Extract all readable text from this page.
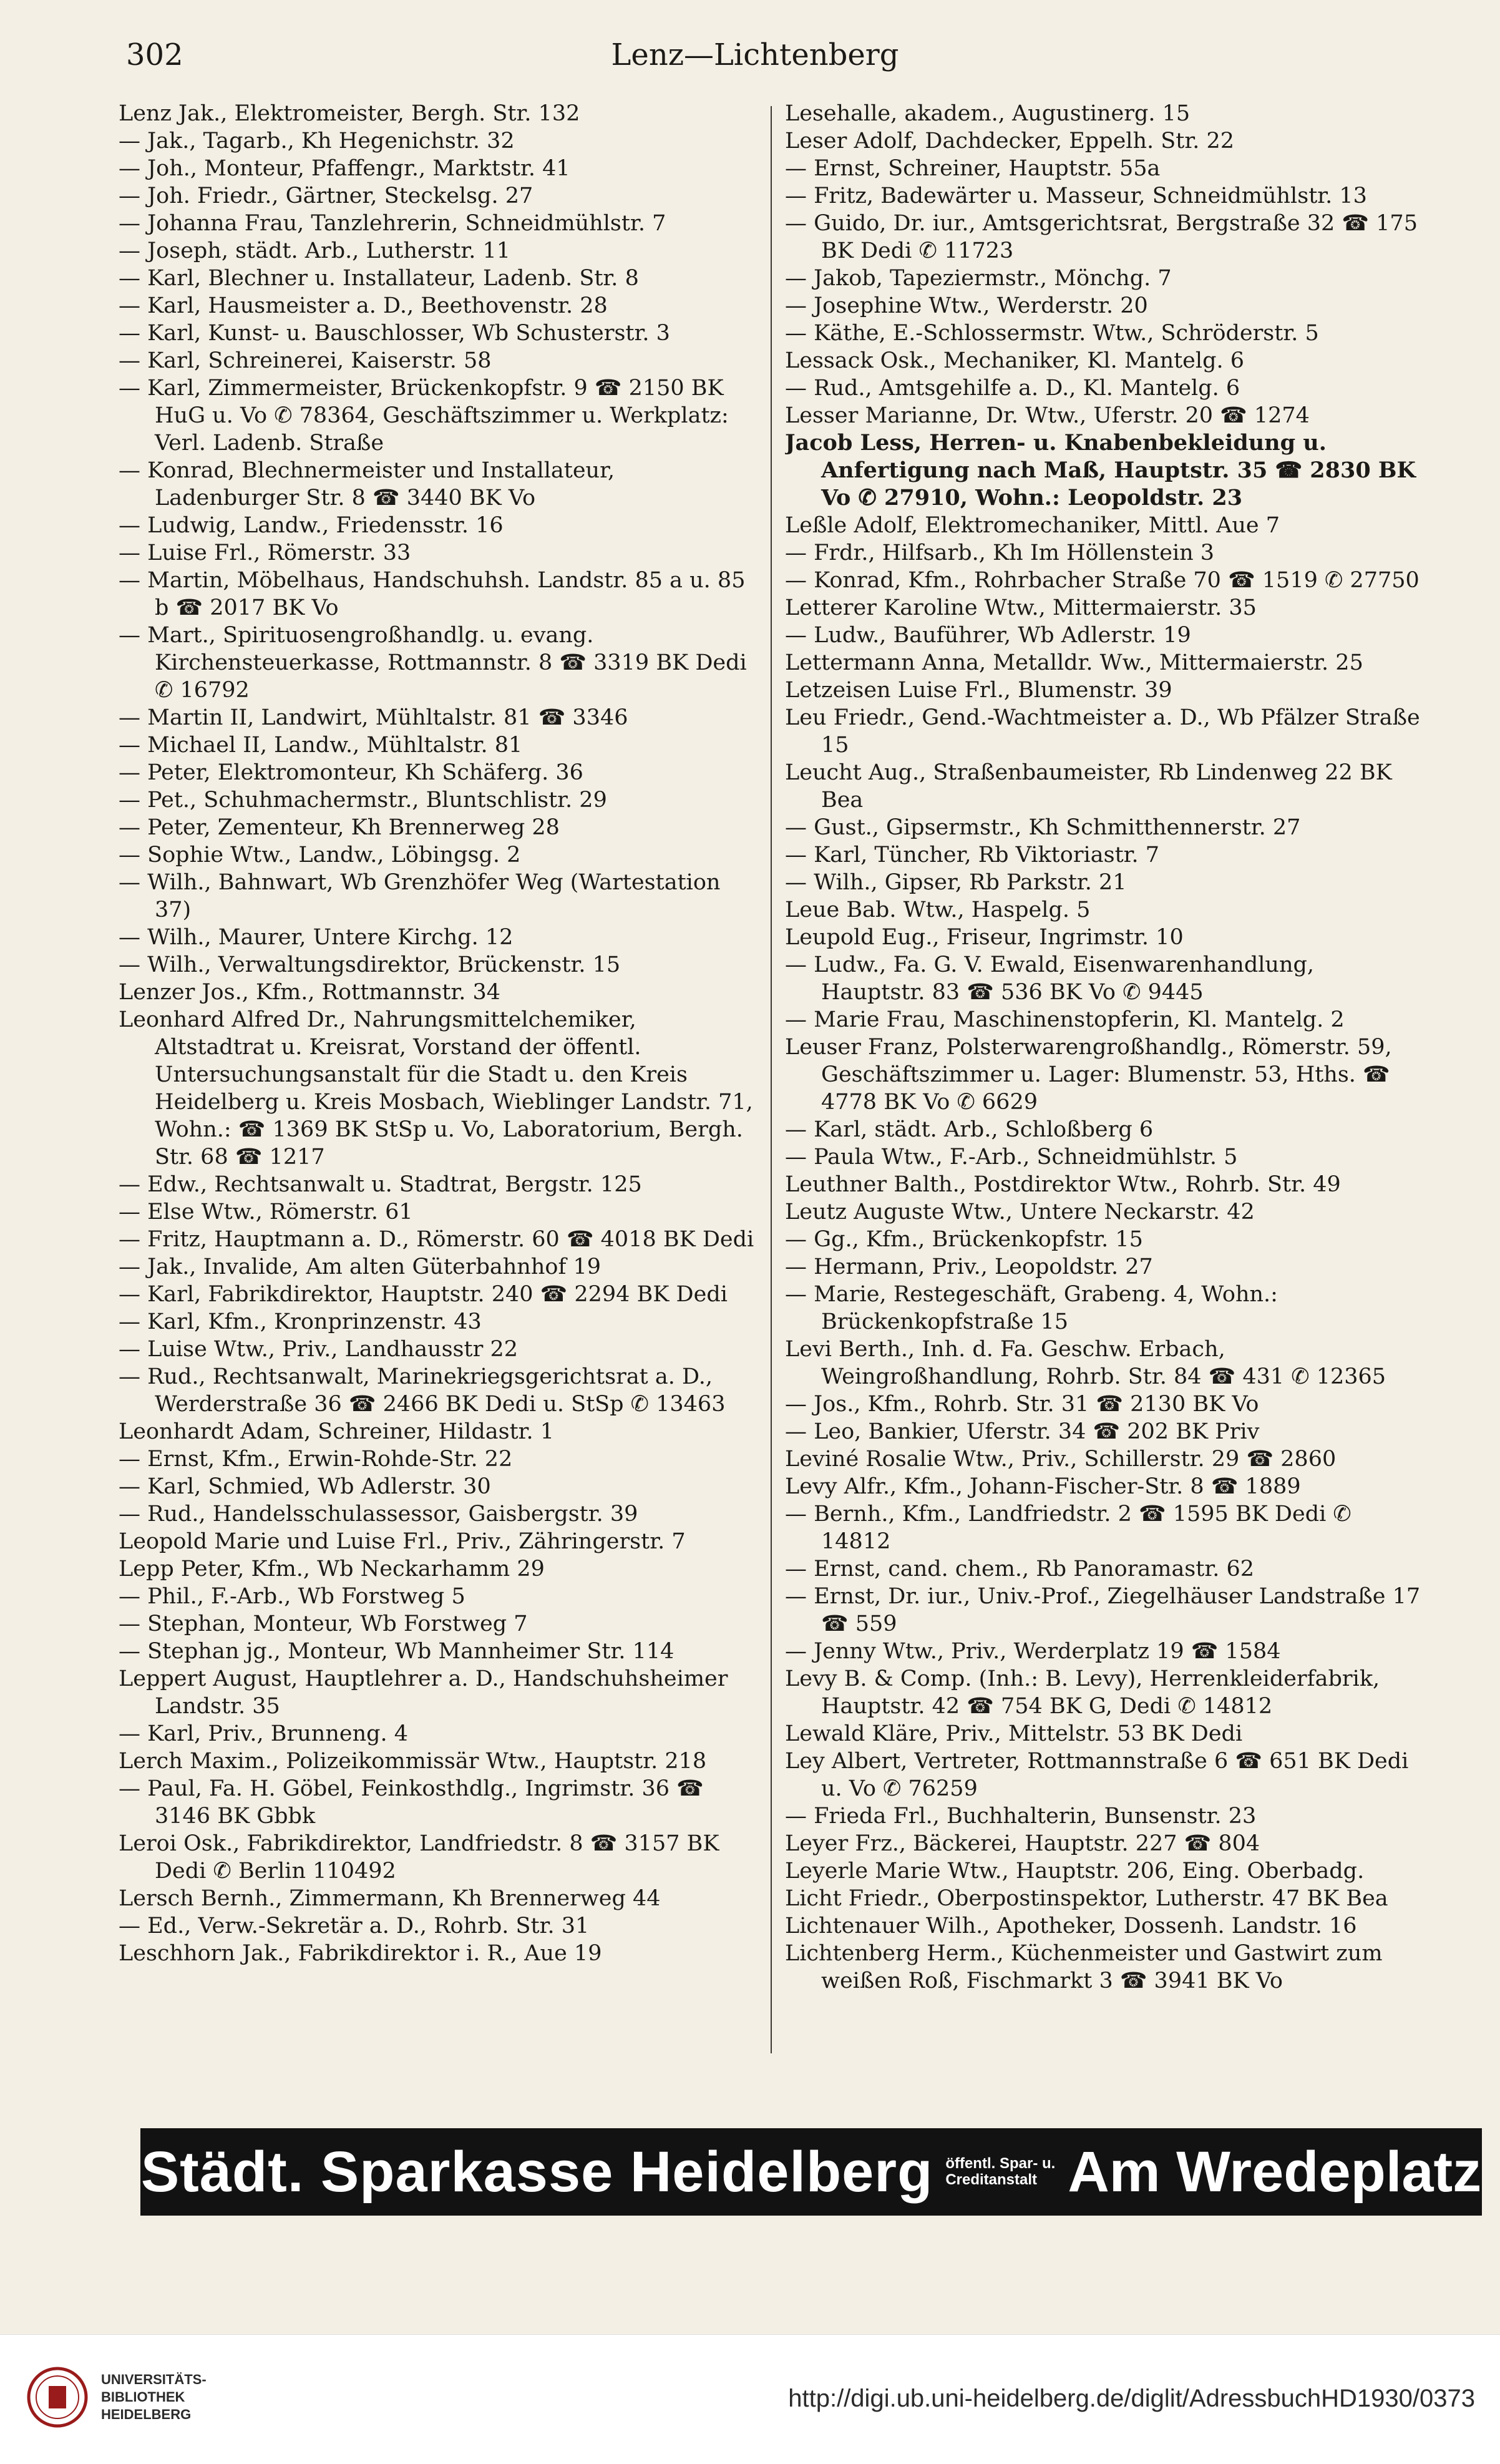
302	Lenz—Lichtenberg

Lenz Jak., Elektromeister, Bergh. Str. 132

— Jak., Tagarb., Kh Hegenichstr. 32

— Joh., Monteur, Pfaffengr., Marktstr. 41

— Joh. Friedr., Gärtner, Steckelsg. 27

— Johanna Frau, Tanzlehrerin, Schneidmühlstr. 7

— Joseph, städt. Arb., Lutherstr. 11

— Karl, Blechner u. Installateur, Ladenb. Str. 8

— Karl, Hausmeister a. D., Beethovenstr. 28

— Karl, Kunst- u. Bauschlosser, Wb Schusterstr. 3

— Karl, Schreinerei, Kaiserstr. 58

— Karl, Zimmermeister, Brückenkopfstr. 9 ☎ 2150 BK HuG u. Vo ✆ 78364, Geschäftszimmer u. Werkplatz: Verl. Ladenb. Straße

— Konrad, Blechnermeister und Installateur, Ladenburger Str. 8 ☎ 3440 BK Vo

— Ludwig, Landw., Friedensstr. 16

— Luise Frl., Römerstr. 33

— Martin, Möbelhaus, Handschuhsh. Landstr. 85 a u. 85 b ☎ 2017 BK Vo

— Mart., Spirituosengroßhandlg. u. evang. Kirchensteuerkasse, Rottmannstr. 8 ☎ 3319 BK Dedi ✆ 16792

— Martin II, Landwirt, Mühltalstr. 81 ☎ 3346

— Michael II, Landw., Mühltalstr. 81

— Peter, Elektromonteur, Kh Schäferg. 36

— Pet., Schuhmachermstr., Bluntschlistr. 29

— Peter, Zementeur, Kh Brennerweg 28

— Sophie Wtw., Landw., Löbingsg. 2

— Wilh., Bahnwart, Wb Grenzhöfer Weg (Wartestation 37)

— Wilh., Maurer, Untere Kirchg. 12

— Wilh., Verwaltungsdirektor, Brückenstr. 15

Lenzer Jos., Kfm., Rottmannstr. 34

Leonhard Alfred Dr., Nahrungsmittelchemiker, Altstadtrat u. Kreisrat, Vorstand der öffentl. Untersuchungsanstalt für die Stadt u. den Kreis Heidelberg u. Kreis Mosbach, Wieblinger Landstr. 71, Wohn.: ☎ 1369 BK StSp u. Vo, Laboratorium, Bergh. Str. 68 ☎ 1217

— Edw., Rechtsanwalt u. Stadtrat, Bergstr. 125

— Else Wtw., Römerstr. 61

— Fritz, Hauptmann a. D., Römerstr. 60 ☎ 4018 BK Dedi

— Jak., Invalide, Am alten Güterbahnhof 19

— Karl, Fabrikdirektor, Hauptstr. 240 ☎ 2294 BK Dedi

— Karl, Kfm., Kronprinzenstr. 43

— Luise Wtw., Priv., Landhausstr 22

— Rud., Rechtsanwalt, Marinekriegsgerichtsrat a. D., Werderstraße 36 ☎ 2466 BK Dedi u. StSp ✆ 13463

Leonhardt Adam, Schreiner, Hildastr. 1

— Ernst, Kfm., Erwin-Rohde-Str. 22

— Karl, Schmied, Wb Adlerstr. 30

— Rud., Handelsschulassessor, Gaisbergstr. 39

Leopold Marie und Luise Frl., Priv., Zähringerstr. 7

Lepp Peter, Kfm., Wb Neckarhamm 29

— Phil., F.-Arb., Wb Forstweg 5

— Stephan, Monteur, Wb Forstweg 7

— Stephan jg., Monteur, Wb Mannheimer Str. 114

Leppert August, Hauptlehrer a. D., Handschuhsheimer Landstr. 35

— Karl, Priv., Brunneng. 4

Lerch Maxim., Polizeikommissär Wtw., Hauptstr. 218

— Paul, Fa. H. Göbel, Feinkosthdlg., Ingrimstr. 36 ☎ 3146 BK Gbbk

Leroi Osk., Fabrikdirektor, Landfriedstr. 8 ☎ 3157 BK Dedi ✆ Berlin 110492

Lersch Bernh., Zimmermann, Kh Brennerweg 44

— Ed., Verw.-Sekretär a. D., Rohrb. Str. 31

Leschhorn Jak., Fabrikdirektor i. R., Aue 19

Lesehalle, akadem., Augustinerg. 15

Leser Adolf, Dachdecker, Eppelh. Str. 22

— Ernst, Schreiner, Hauptstr. 55a

— Fritz, Badewärter u. Masseur, Schneidmühlstr. 13

— Guido, Dr. iur., Amtsgerichtsrat, Bergstraße 32 ☎ 175 BK Dedi ✆ 11723

— Jakob, Tapeziermstr., Mönchg. 7

— Josephine Wtw., Werderstr. 20

— Käthe, E.-Schlossermstr. Wtw., Schröderstr. 5

Lessack Osk., Mechaniker, Kl. Mantelg. 6

— Rud., Amtsgehilfe a. D., Kl. Mantelg. 6

Lesser Marianne, Dr. Wtw., Uferstr. 20 ☎ 1274

Jacob Less, Herren- u. Knabenbekleidung u. Anfertigung nach Maß, Hauptstr. 35 ☎ 2830 BK Vo ✆ 27910, Wohn.: Leopoldstr. 23

Leßle Adolf, Elektromechaniker, Mittl. Aue 7

— Frdr., Hilfsarb., Kh Im Höllenstein 3

— Konrad, Kfm., Rohrbacher Straße 70 ☎ 1519 ✆ 27750

Letterer Karoline Wtw., Mittermaierstr. 35

— Ludw., Bauführer, Wb Adlerstr. 19

Lettermann Anna, Metalldr. Ww., Mittermaierstr. 25

Letzeisen Luise Frl., Blumenstr. 39

Leu Friedr., Gend.-Wachtmeister a. D., Wb Pfälzer Straße 15

Leucht Aug., Straßenbaumeister, Rb Lindenweg 22 BK Bea

— Gust., Gipsermstr., Kh Schmitthennerstr. 27

— Karl, Tüncher, Rb Viktoriastr. 7

— Wilh., Gipser, Rb Parkstr. 21

Leue Bab. Wtw., Haspelg. 5

Leupold Eug., Friseur, Ingrimstr. 10

— Ludw., Fa. G. V. Ewald, Eisenwarenhandlung, Hauptstr. 83 ☎ 536 BK Vo ✆ 9445

— Marie Frau, Maschinenstopferin, Kl. Mantelg. 2

Leuser Franz, Polsterwarengroßhandlg., Römerstr. 59, Geschäftszimmer u. Lager: Blumenstr. 53, Hths. ☎ 4778 BK Vo ✆ 6629

— Karl, städt. Arb., Schloßberg 6

— Paula Wtw., F.-Arb., Schneidmühlstr. 5

Leuthner Balth., Postdirektor Wtw., Rohrb. Str. 49

Leutz Auguste Wtw., Untere Neckarstr. 42

— Gg., Kfm., Brückenkopfstr. 15

— Hermann, Priv., Leopoldstr. 27

— Marie, Restegeschäft, Grabeng. 4, Wohn.: Brückenkopfstraße 15

Levi Berth., Inh. d. Fa. Geschw. Erbach, Weingroßhandlung, Rohrb. Str. 84 ☎ 431 ✆ 12365

— Jos., Kfm., Rohrb. Str. 31 ☎ 2130 BK Vo

— Leo, Bankier, Uferstr. 34 ☎ 202 BK Priv

Leviné Rosalie Wtw., Priv., Schillerstr. 29 ☎ 2860

Levy Alfr., Kfm., Johann-Fischer-Str. 8 ☎ 1889

— Bernh., Kfm., Landfriedstr. 2 ☎ 1595 BK Dedi ✆ 14812

— Ernst, cand. chem., Rb Panoramastr. 62

— Ernst, Dr. iur., Univ.-Prof., Ziegelhäuser Landstraße 17 ☎ 559

— Jenny Wtw., Priv., Werderplatz 19 ☎ 1584

Levy B. & Comp. (Inh.: B. Levy), Herrenkleiderfabrik, Hauptstr. 42 ☎ 754 BK G, Dedi ✆ 14812

Lewald Kläre, Priv., Mittelstr. 53 BK Dedi

Ley Albert, Vertreter, Rottmannstraße 6 ☎ 651 BK Dedi u. Vo ✆ 76259

— Frieda Frl., Buchhalterin, Bunsenstr. 23

Leyer Frz., Bäckerei, Hauptstr. 227 ☎ 804

Leyerle Marie Wtw., Hauptstr. 206, Eing. Oberbadg.

Licht Friedr., Oberpostinspektor, Lutherstr. 47 BK Bea

Lichtenauer Wilh., Apotheker, Dossenh. Landstr. 16

Lichtenberg Herm., Küchenmeister und Gastwirt zum weißen Roß, Fischmarkt 3 ☎ 3941 BK Vo

Städt. Sparkasse Heidelberg öffentl. Spar- u.
Creditanstalt Am Wredeplatz
UNIVERSITÄTS-
BIBLIOTHEK
HEIDELBERG
http://digi.ub.uni-heidelberg.de/diglit/AdressbuchHD1930/0373
